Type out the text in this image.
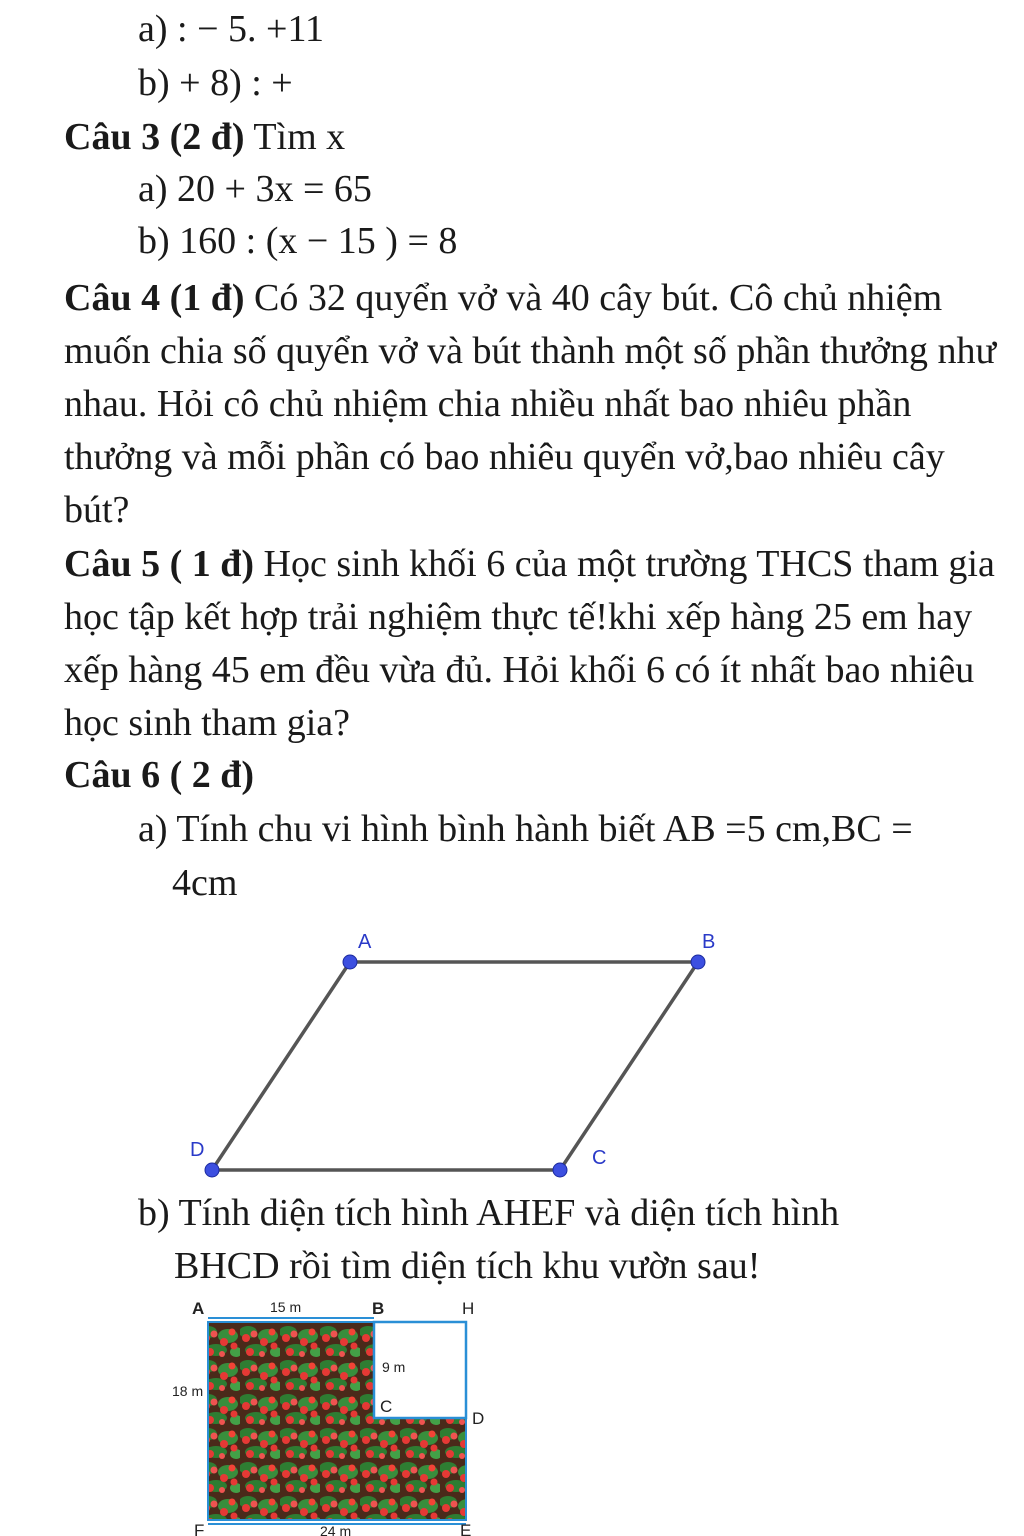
a) : − 5. +11
b) + 8) : +
Câu 3 (2 đ) Tìm x
a) 20 + 3x = 65
b) 160 : (x − 15 ) = 8
Câu 4 (1 đ) Có 32 quyển vở và 40 cây bút. Cô chủ nhiệm muốn chia số quyển vở và bút thành một số phần thưởng như nhau. Hỏi cô chủ nhiệm chia nhiều nhất bao nhiêu phần thưởng và mỗi phần có bao nhiêu quyển vở,bao nhiêu cây bút?
Câu 5 ( 1 đ) Học sinh khối 6 của một trường THCS tham gia học tập kết hợp trải nghiệm thực tế!khi xếp hàng 25 em hay xếp hàng 45 em đều vừa đủ. Hỏi khối 6 có ít nhất bao nhiêu học sinh tham gia?
Câu 6 ( 2 đ)
a) Tính chu vi hình bình hành biết AB =5 cm,BC =
4cm
A	B
C
D
b) Tính diện tích hình AHEF và diện tích hình
BHCD rồi tìm diện tích khu vườn sau!
A	B	H
C
D
F	E
15 m
18 m
9 m
24 m
